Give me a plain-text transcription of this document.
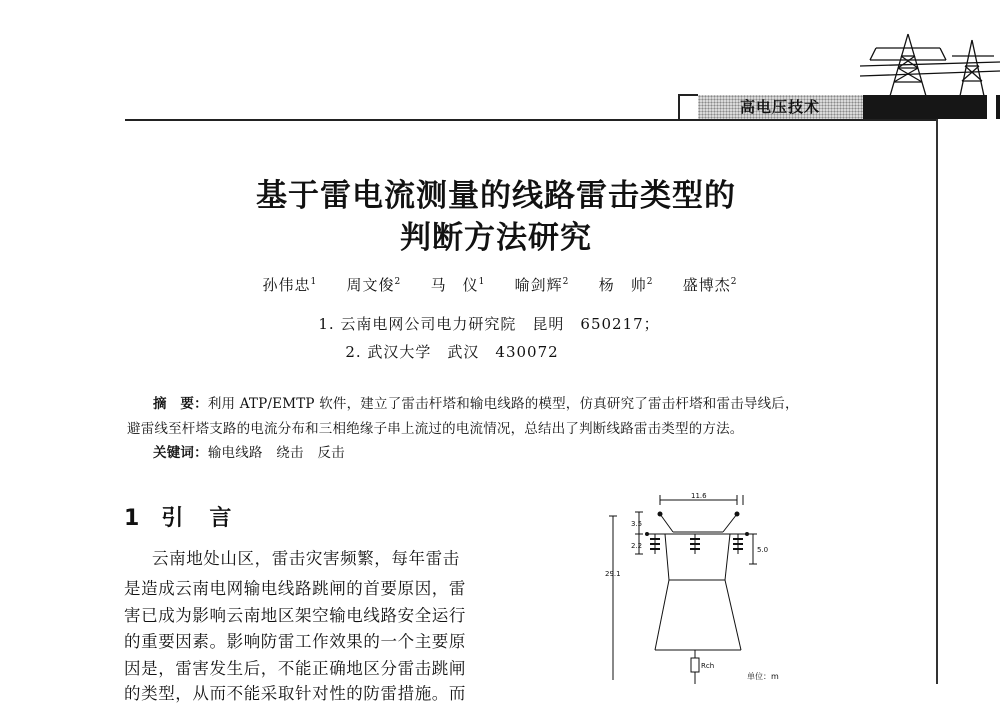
高电压技术
基于雷电流测量的线路雷击类型的
判断方法研究
孙伟忠$^1$ 周文俊$^2$ 马　仪$^1$ 喻剑辉$^2$ 杨　帅$^2$ 盛博杰$^2$
1. 云南电网公司电力研究院　昆明　650217；
2. 武汉大学　武汉　430072
摘　要：利用 ATP/EMTP 软件，建立了雷击杆塔和输电线路的模型，仿真研究了雷击杆塔和雷击导线后，
避雷线至杆塔支路的电流分布和三相绝缘子串上流过的电流情况，总结出了判断线路雷击类型的方法。
关键词：输电线路　绕击　反击
1 引 言
云南地处山区，雷击灾害频繁，每年雷击
是造成云南电网输电线路跳闸的首要原因，雷
害已成为影响云南地区架空输电线路安全运行
的重要因素。影响防雷工作效果的一个主要原
因是，雷害发生后，不能正确地区分雷击跳闸
的类型，从而不能采取针对性的防雷措施。而
11.6
3.5
2.2	5.0
29.1
Rch
单位：m
